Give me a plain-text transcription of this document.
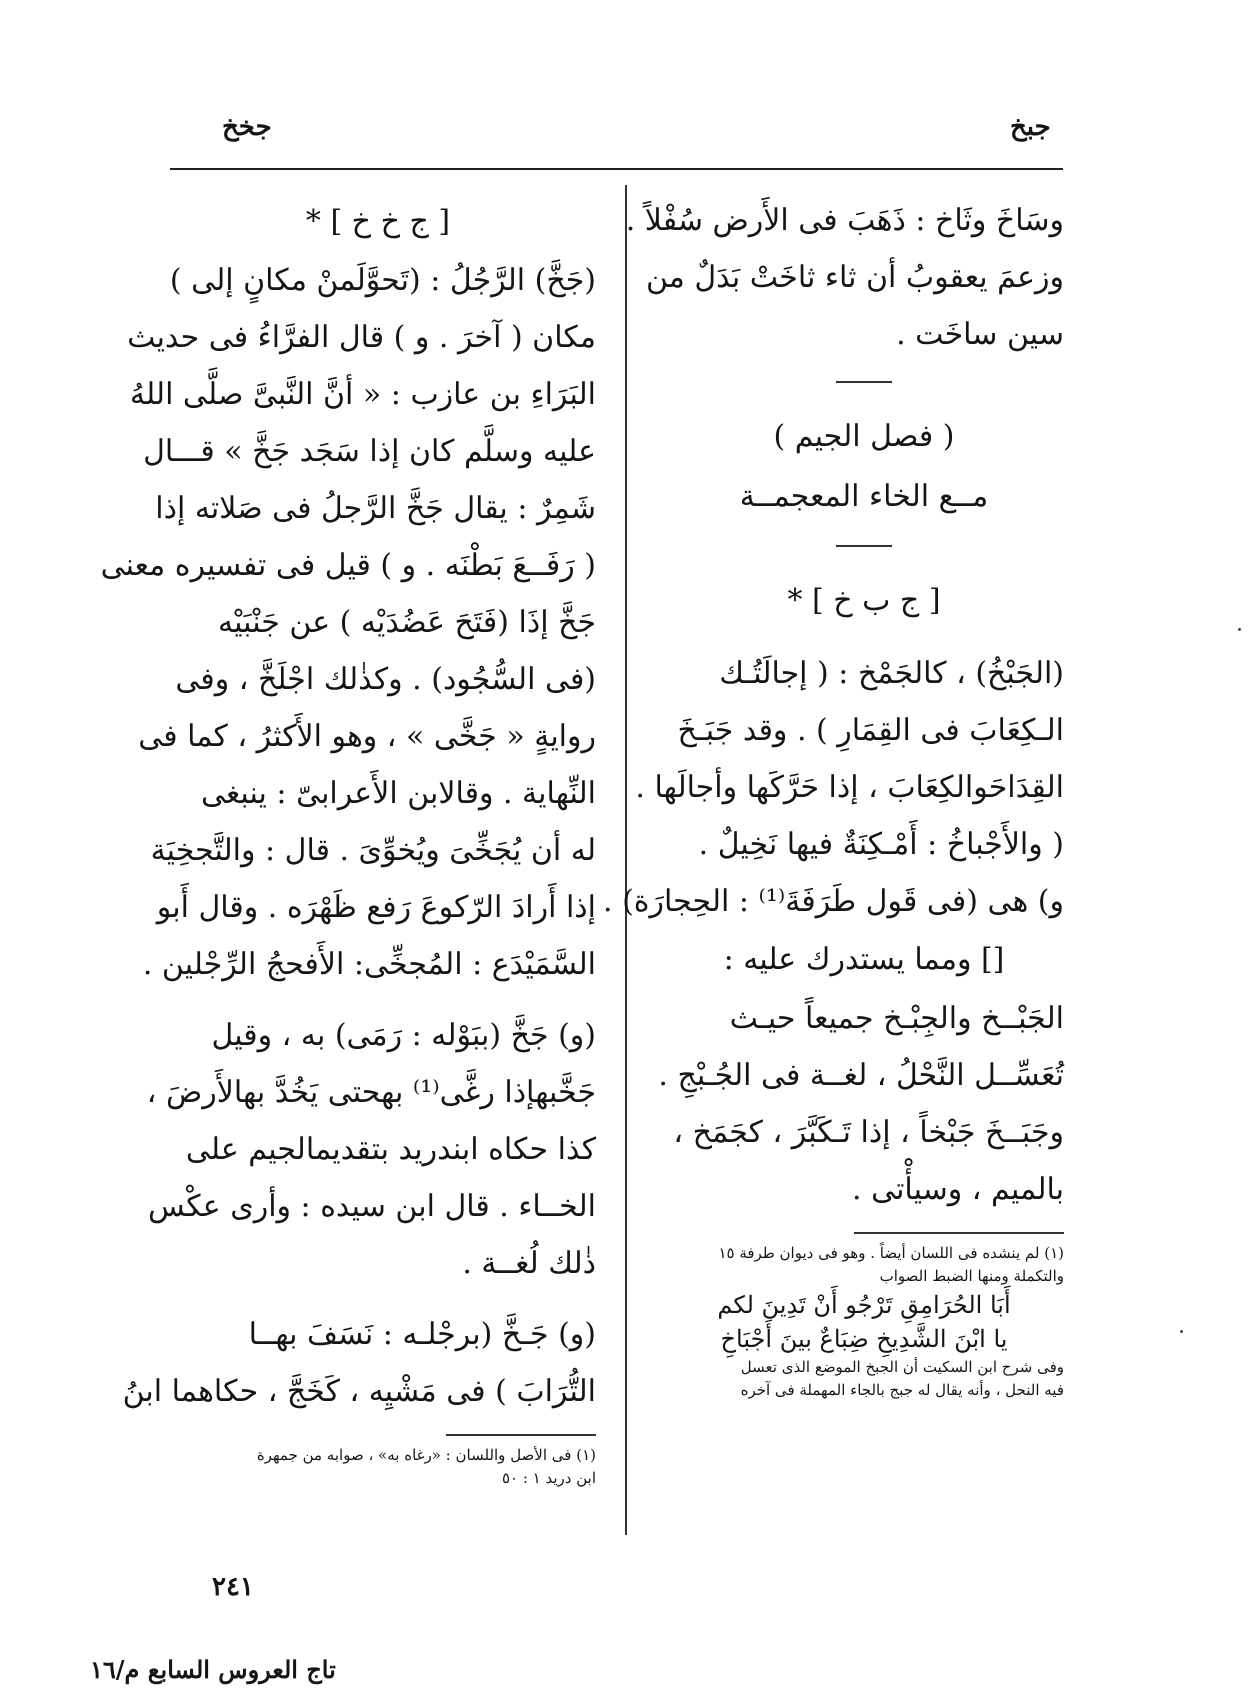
جبخ
جخخ
وسَاخَ وثَاخ : ذَهَبَ فى الأَرض سُفْلاً .
وزعمَ يعقوبُ أن ثاء ثاخَتْ بَدَلٌ من
سين ساخَت .
( فصل الجيم )
مــع الخاء المعجمــة
[ ج ب خ ] *
(الجَبْخُ) ، كالجَمْخ : ( إجالَتُـك
الـكِعَابَ فى القِمَارِ ) . وقد جَبَـخَ
القِدَاحَوالكِعَابَ ، إذا حَرَّكَها وأجالَها .
( والأَجْباخُ : أَمْـكِنَةٌ فيها نَخِيلٌ .
و) هى (فى قَول طَرَفَةَ⁽¹⁾ : الحِجارَة) .
[] ومما يستدرك عليه :
الجَبْــخ والجِبْـخ جميعاً حيـث
تُعَسِّــل النَّحْلُ ، لغــة فى الجُـبْجِ .
وجَبَــخَ جَبْخاً ، إذا تَـكَبَّرَ ، كجَمَخ ،
بالميم ، وسيأْتى .
(١) لم ينشده فى اللسان أيضاً . وهو فى ديوان طرفة ١٥
والتكملة ومنها الضبط الصواب
أَبَا الحُرَامِقِ تَرْجُو أَنْ تَدِينَ لكم
يا ابْنَ الشَّدِيخِ ضِبَاعٌ بينَ أَجْبَاخِ
وفى شرح ابن السكيت أن الجبخ الموضع الذى تعسل
فيه النحل ، وأنه يقال له جبج بالجاء المهملة فى آخره
[ ج خ خ ] *
(جَخَّ) الرَّجُلُ : (تَحوَّلَمنْ مكانٍ إلى )
مكان ( آخرَ . و ) قال الفرَّاءُ فى حديث
البَرَاءِ بن عازب : « أنَّ النَّبىَّ صلَّى اللهُ
عليه وسلَّم كان إذا سَجَد جَخَّ » قـــال
شَمِرٌ : يقال جَخَّ الرَّجلُ فى صَلاته إذا
( رَفَــعَ بَطْنَه . و ) قيل فى تفسيره معنى
جَخَّ إذَا (فَتَحَ عَضُدَيْه ) عن جَنْبَيْه
(فى السُّجُود) . وكذٰلك اجْلَخَّ ، وفى
روايةٍ « جَخَّى » ، وهو الأَكثرُ ، كما فى
النِّهاية . وقالابن الأَعرابىّ : ينبغى
له أن يُجَخِّىَ ويُخوِّىَ . قال : والتَّجخِيَة
إذا أَرادَ الرّكوعَ رَفع ظَهْرَه . وقال أَبو
السَّمَيْدَع : المُجخِّى: الأَفحجُ الرِّجْلين .
(و) جَخَّ (ببَوْله : رَمَى) به ، وقيل
جَخَّبهإذا رغَّى⁽¹⁾ بهحتى يَخُدَّ بهالأَرضَ ،
كذا حكاه ابندريد بتقديمالجيم على
الخــاء . قال ابن سيده : وأرى عكْس
ذٰلك لُغــة .
(و) جَـخَّ (برجْلـه : نَسَفَ بهــا
التُّرَابَ ) فى مَشْيِه ، كَخَجَّ ، حكاهما ابنُ
(١) فى الأصل واللسان : «رغاه به» ، صوابه من جمهرة
ابن دريد ١ : ٥٠
٢٤١
تاج العروس السابع م/١٦
